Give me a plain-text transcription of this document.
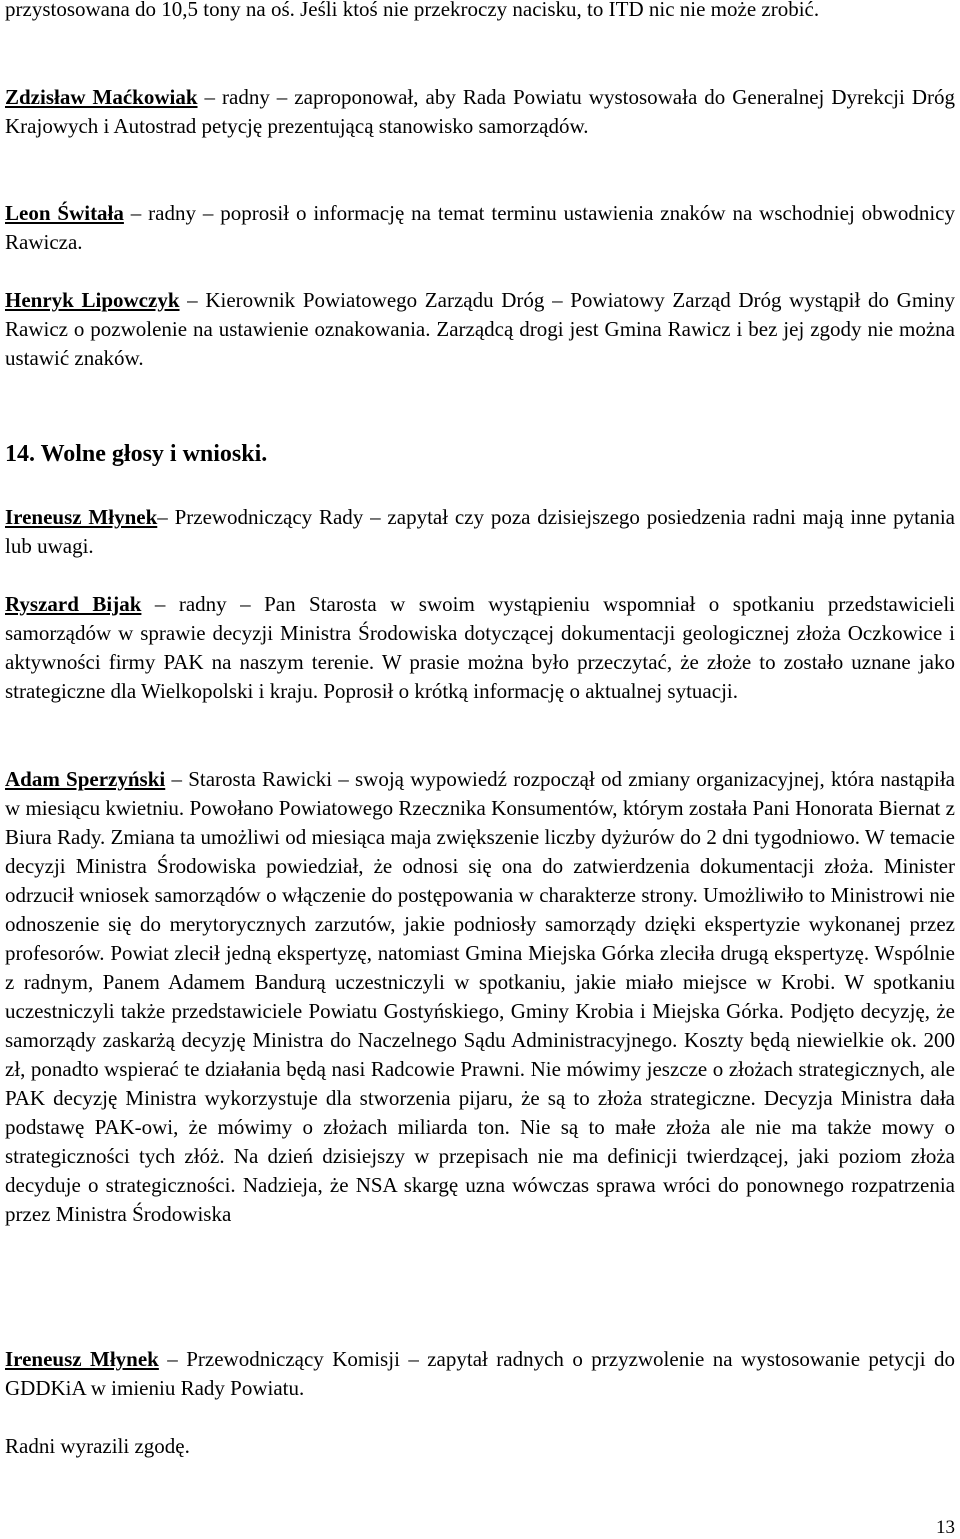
przystosowana do 10,5 tony na oś. Jeśli ktoś nie przekroczy nacisku, to ITD nic nie może zrobić.

Zdzisław Maćkowiak – radny – zaproponował, aby Rada Powiatu wystosowała do Generalnej Dyrekcji Dróg Krajowych i Autostrad petycję prezentującą stanowisko samorządów.

Leon Świtała – radny – poprosił o informację na temat terminu ustawienia znaków na wschodniej obwodnicy Rawicza.

Henryk Lipowczyk – Kierownik Powiatowego Zarządu Dróg – Powiatowy Zarząd Dróg wystąpił do Gminy Rawicz o pozwolenie na ustawienie oznakowania. Zarządcą drogi jest Gmina Rawicz i bez jej zgody nie można ustawić znaków.

14. Wolne głosy i wnioski.

Ireneusz Młynek– Przewodniczący Rady – zapytał czy poza dzisiejszego posiedzenia radni mają inne pytania lub uwagi.

Ryszard Bijak – radny – Pan Starosta w swoim wystąpieniu wspomniał o spotkaniu przedstawicieli samorządów w sprawie decyzji Ministra Środowiska dotyczącej dokumentacji geologicznej złoża Oczkowice i aktywności firmy PAK na naszym terenie. W prasie można było przeczytać, że złoże to zostało uznane jako strategiczne dla Wielkopolski i kraju. Poprosił o krótką informację o aktualnej sytuacji.

Adam Sperzyński – Starosta Rawicki – swoją wypowiedź rozpoczął od zmiany organizacyjnej, która nastąpiła w miesiącu kwietniu. Powołano Powiatowego Rzecznika Konsumentów, którym została Pani Honorata Biernat z Biura Rady. Zmiana ta umożliwi od miesiąca maja zwiększenie liczby dyżurów do 2 dni tygodniowo. W temacie decyzji Ministra Środowiska powiedział, że odnosi się ona do zatwierdzenia dokumentacji złoża. Minister odrzucił wniosek samorządów o włączenie do postępowania w charakterze strony. Umożliwiło to Ministrowi nie odnoszenie się do merytorycznych zarzutów, jakie podniosły samorządy dzięki ekspertyzie wykonanej przez profesorów. Powiat zlecił jedną ekspertyzę, natomiast Gmina Miejska Górka zleciła drugą ekspertyzę. Wspólnie z radnym, Panem Adamem Bandurą uczestniczyli w spotkaniu, jakie miało miejsce w Krobi. W spotkaniu uczestniczyli także przedstawiciele Powiatu Gostyńskiego, Gminy Krobia i Miejska Górka. Podjęto decyzję, że samorządy zaskarżą decyzję Ministra do Naczelnego Sądu Administracyjnego. Koszty będą niewielkie ok. 200 zł, ponadto wspierać te działania będą nasi Radcowie Prawni. Nie mówimy jeszcze o złożach strategicznych, ale PAK decyzję Ministra wykorzystuje dla stworzenia pijaru, że są to złoża strategiczne. Decyzja Ministra dała podstawę PAK-owi, że mówimy o złożach miliarda ton. Nie są to małe złoża ale nie ma także mowy o strategiczności tych złóż. Na dzień dzisiejszy w przepisach nie ma definicji twierdzącej, jaki poziom złoża decyduje o strategiczności. Nadzieja, że NSA skargę uzna wówczas sprawa wróci do ponownego rozpatrzenia przez Ministra Środowiska

Ireneusz Młynek – Przewodniczący Komisji – zapytał radnych o przyzwolenie na wystosowanie petycji do GDDKiA w imieniu Rady Powiatu.

Radni wyrazili zgodę.

13
